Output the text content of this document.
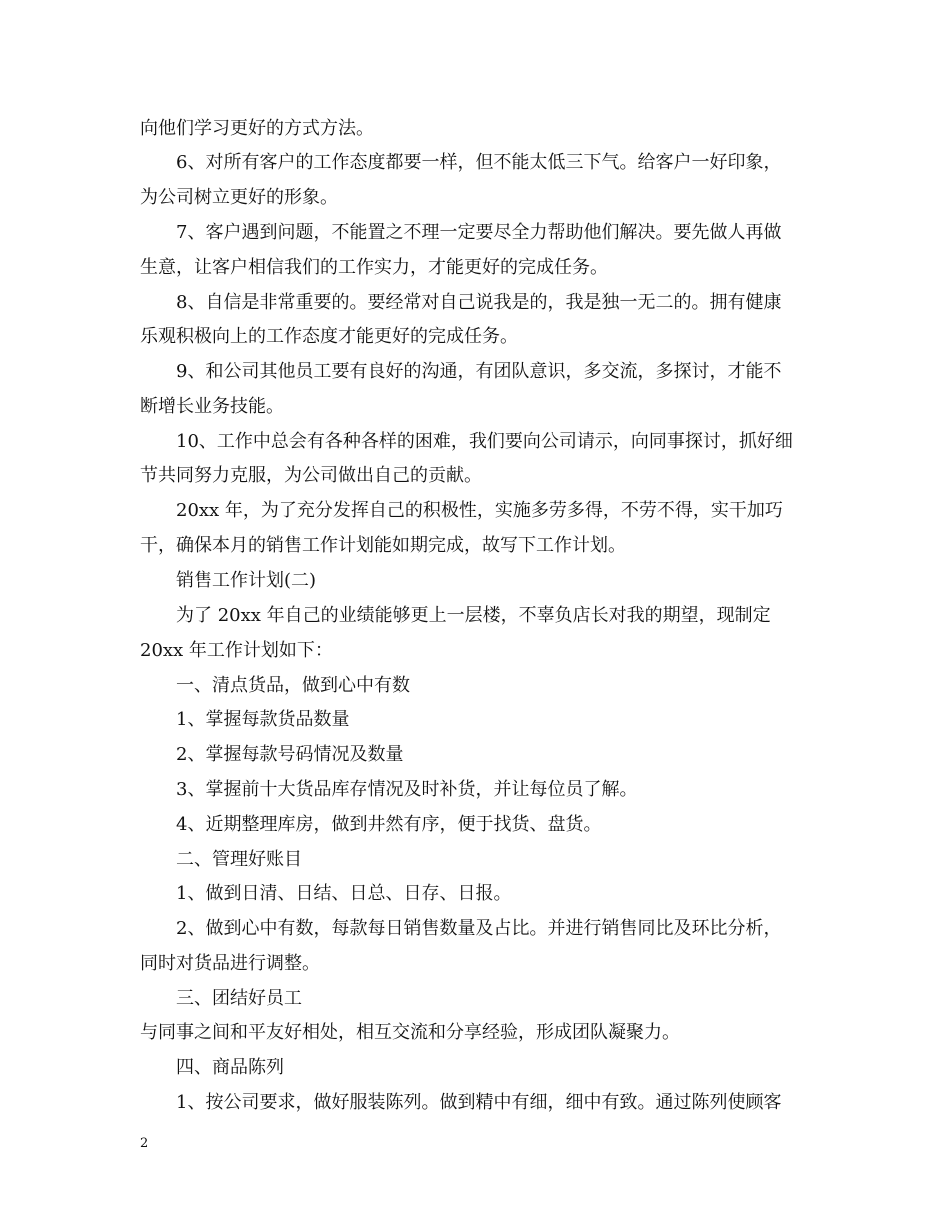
向他们学习更好的方式方法。
6、对所有客户的工作态度都要一样，但不能太低三下气。给客户一好印象，
为公司树立更好的形象。
7、客户遇到问题，不能置之不理一定要尽全力帮助他们解决。要先做人再做
生意，让客户相信我们的工作实力，才能更好的完成任务。
8、自信是非常重要的。要经常对自己说我是的，我是独一无二的。拥有健康
乐观积极向上的工作态度才能更好的完成任务。
9、和公司其他员工要有良好的沟通，有团队意识，多交流，多探讨，才能不
断增长业务技能。
10、工作中总会有各种各样的困难，我们要向公司请示，向同事探讨，抓好细
节共同努力克服，为公司做出自己的贡献。
20xx 年，为了充分发挥自己的积极性，实施多劳多得，不劳不得，实干加巧
干，确保本月的销售工作计划能如期完成，故写下工作计划。
销售工作计划(二)
为了 20xx 年自己的业绩能够更上一层楼，不辜负店长对我的期望，现制定
20xx 年工作计划如下：
一、清点货品，做到心中有数
1、掌握每款货品数量
2、掌握每款号码情况及数量
3、掌握前十大货品库存情况及时补货，并让每位员了解。
4、近期整理库房，做到井然有序，便于找货、盘货。
二、管理好账目
1、做到日清、日结、日总、日存、日报。
2、做到心中有数，每款每日销售数量及占比。并进行销售同比及环比分析，
同时对货品进行调整。
三、团结好员工
与同事之间和平友好相处，相互交流和分享经验，形成团队凝聚力。
四、商品陈列
1、按公司要求，做好服装陈列。做到精中有细，细中有致。通过陈列使顾客
2
